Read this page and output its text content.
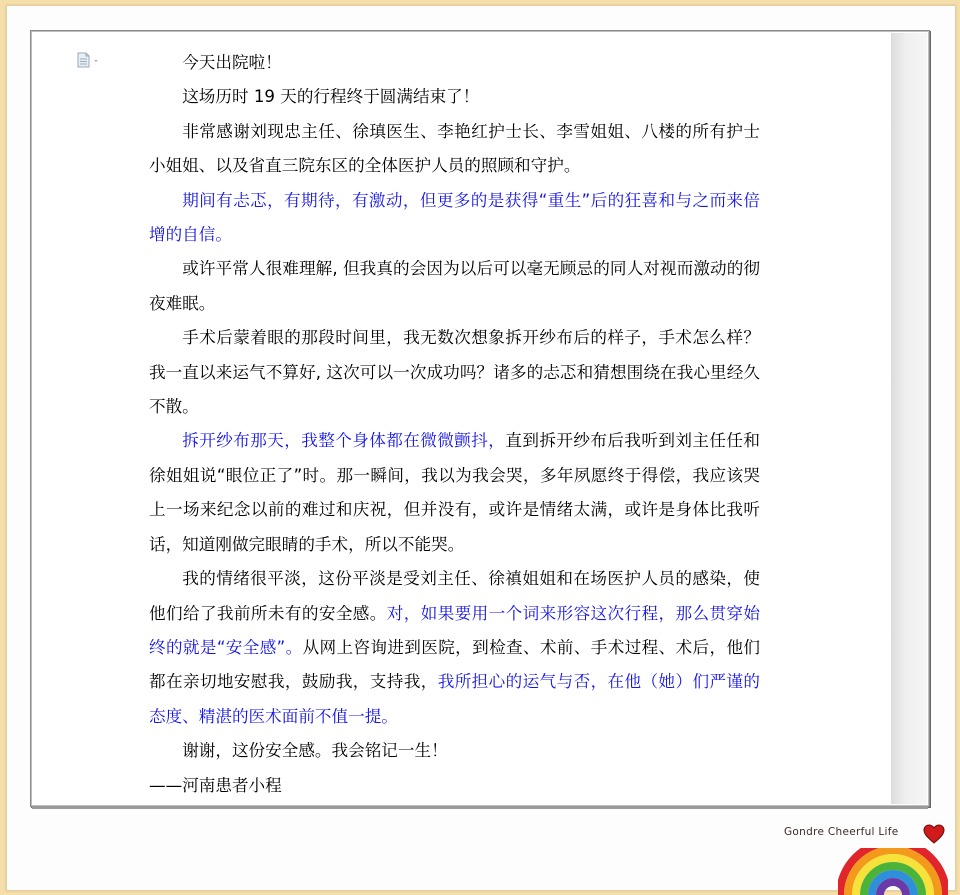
今天出院啦！

这场历时 19 天的行程终于圆满结束了！

非常感谢刘现忠主任、徐瑱医生、李艳红护士长、李雪姐姐、八楼的所有护士小姐姐、以及省直三院东区的全体医护人员的照顾和守护。

期间有忐忑，有期待，有激动，但更多的是获得“重生”后的狂喜和与之而来倍增的自信。

或许平常人很难理解, 但我真的会因为以后可以毫无顾忌的同人对视而激动的彻夜难眠。

手术后蒙着眼的那段时间里，我无数次想象拆开纱布后的样子，手术怎么样？我一直以来运气不算好, 这次可以一次成功吗？诸多的忐忑和猜想围绕在我心里经久不散。

拆开纱布那天，我整个身体都在微微颤抖，直到拆开纱布后我听到刘主任任和徐姐姐说“眼位正了”时。那一瞬间，我以为我会哭，多年夙愿终于得偿，我应该哭上一场来纪念以前的难过和庆祝，但并没有，或许是情绪太满，或许是身体比我听话，知道刚做完眼睛的手术，所以不能哭。

我的情绪很平淡，这份平淡是受刘主任、徐禛姐姐和在场医护人员的感染，使他们给了我前所未有的安全感。对，如果要用一个词来形容这次行程，那么贯穿始终的就是“安全感”。从网上咨询进到医院，到检查、术前、手术过程、术后，他们都在亲切地安慰我，鼓励我，支持我，我所担心的运气与否，在他（她）们严谨的态度、精湛的医术面前不值一提。

谢谢，这份安全感。我会铭记一生！

——河南患者小程

Gondre Cheerful Life
